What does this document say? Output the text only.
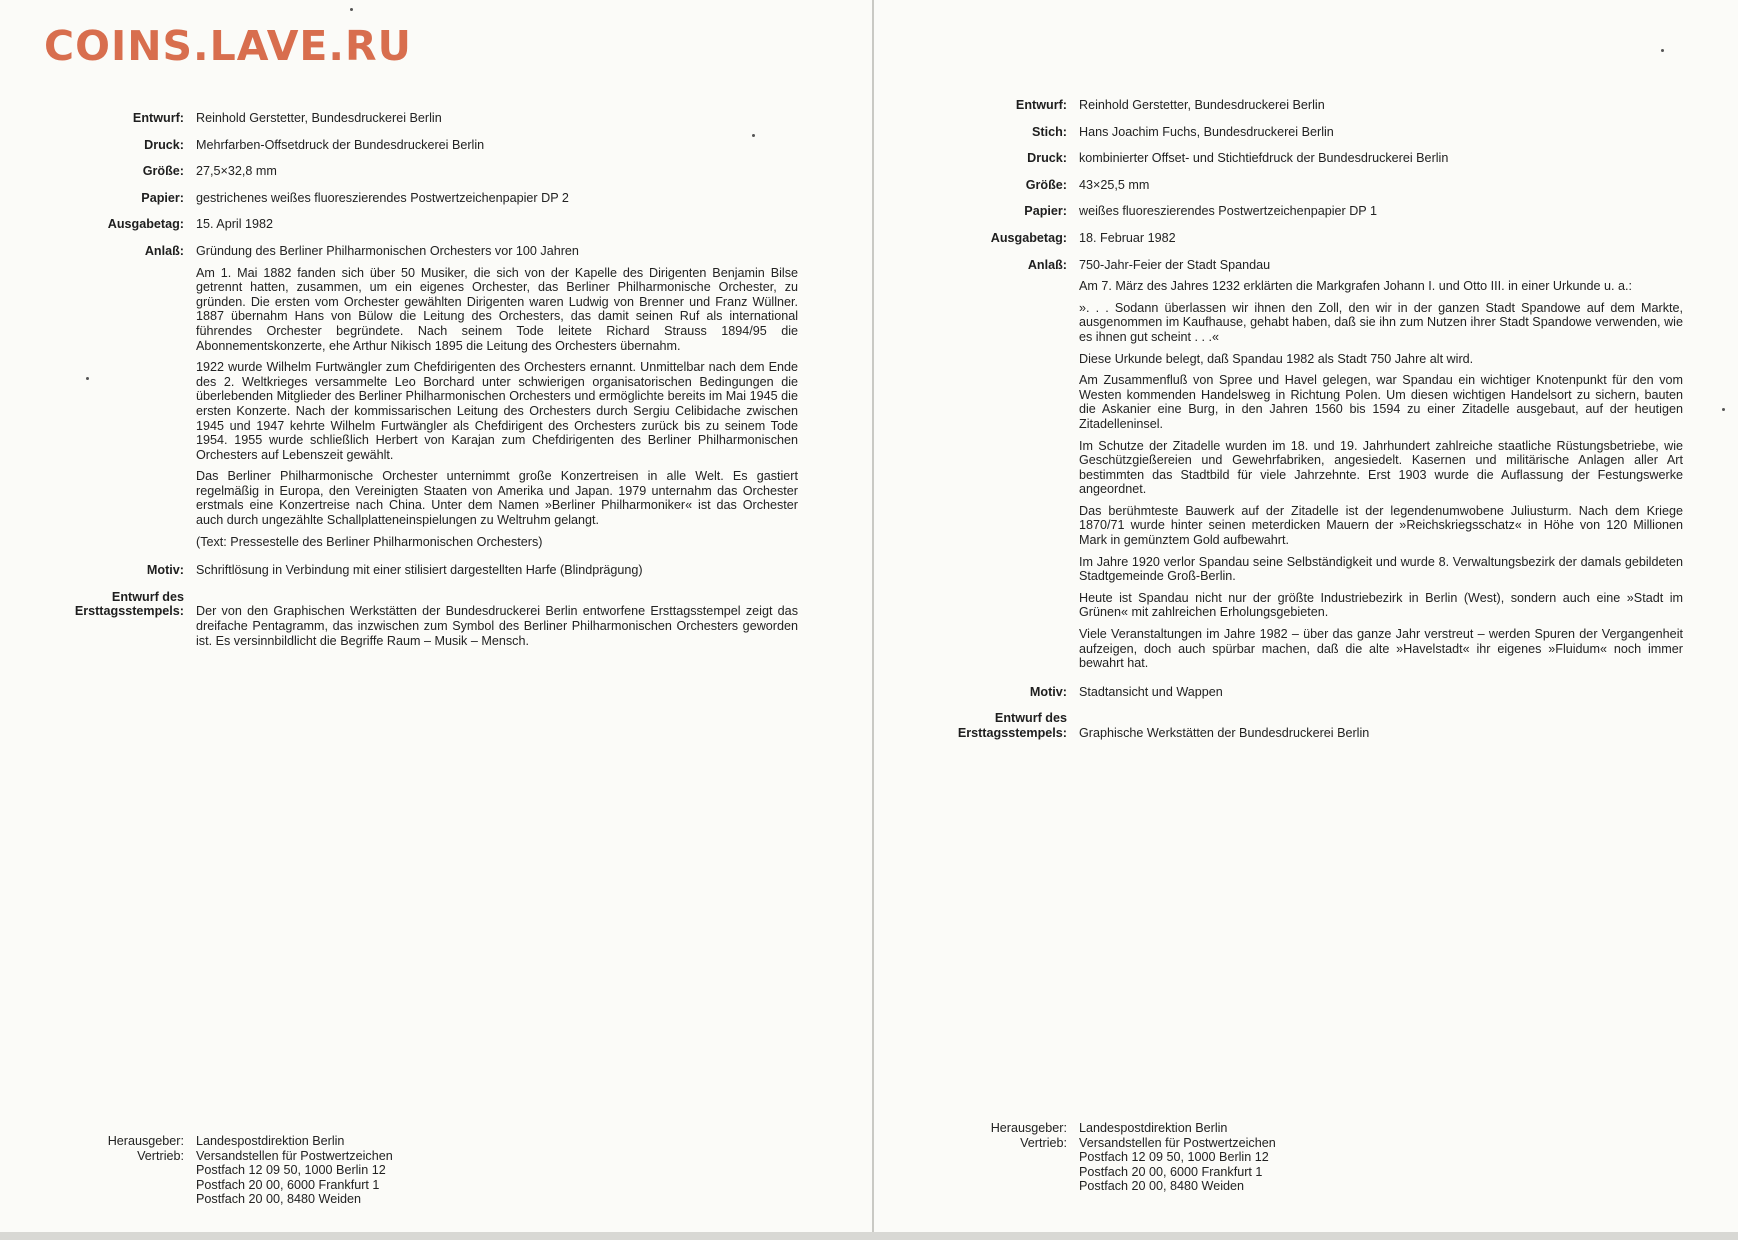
COINS.LAVE.RU
Entwurf: Reinhold Gerstetter, Bundesdruckerei Berlin
Druck: Mehrfarben-Offsetdruck der Bundesdruckerei Berlin
Größe: 27,5×32,8 mm
Papier: gestrichenes weißes fluoreszierendes Postwertzeichenpapier DP 2
Ausgabetag: 15. April 1982
Anlaß: Gründung des Berliner Philharmonischen Orchesters vor 100 Jahren

Am 1. Mai 1882 fanden sich über 50 Musiker, die sich von der Kapelle des Dirigenten Benjamin Bilse getrennt hatten, zusammen, um ein eigenes Orchester, das Berliner Philharmonische Orchester, zu gründen. Die ersten vom Orchester gewählten Dirigenten waren Ludwig von Brenner und Franz Wüllner. 1887 übernahm Hans von Bülow die Leitung des Orchesters, das damit seinen Ruf als international führendes Orchester begründete. Nach seinem Tode leitete Richard Strauss 1894/95 die Abonnementskonzerte, ehe Arthur Nikisch 1895 die Leitung des Orchesters übernahm.

1922 wurde Wilhelm Furtwängler zum Chefdirigenten des Orchesters ernannt. Unmittelbar nach dem Ende des 2. Weltkrieges versammelte Leo Borchard unter schwierigen organisatorischen Bedingungen die überlebenden Mitglieder des Berliner Philharmonischen Orchesters und ermöglichte bereits im Mai 1945 die ersten Konzerte. Nach der kommissarischen Leitung des Orchesters durch Sergiu Celibidache zwischen 1945 und 1947 kehrte Wilhelm Furtwängler als Chefdirigent des Orchesters zurück bis zu seinem Tode 1954. 1955 wurde schließlich Herbert von Karajan zum Chefdirigenten des Berliner Philharmonischen Orchesters auf Lebenszeit gewählt.

Das Berliner Philharmonische Orchester unternimmt große Konzertreisen in alle Welt. Es gastiert regelmäßig in Europa, den Vereinigten Staaten von Amerika und Japan. 1979 unternahm das Orchester erstmals eine Konzertreise nach China. Unter dem Namen »Berliner Philharmoniker« ist das Orchester auch durch ungezählte Schallplatteneinspielungen zu Weltruhm gelangt.

(Text: Pressestelle des Berliner Philharmonischen Orchesters)

Motiv: Schriftlösung in Verbindung mit einer stilisiert dargestellten Harfe (Blindprägung)
Entwurf des
Ersttagsstempels: Der von den Graphischen Werkstätten der Bundesdruckerei Berlin entworfene Ersttagsstempel zeigt das dreifache Pentagramm, das inzwischen zum Symbol des Berliner Philharmonischen Orchesters geworden ist. Es versinnbildlicht die Begriffe Raum – Musik – Mensch.
Herausgeber: Landespostdirektion Berlin
Vertrieb: Versandstellen für Postwertzeichen
Postfach 12 09 50, 1000 Berlin 12
Postfach 20 00, 6000 Frankfurt 1
Postfach 20 00, 8480 Weiden
Entwurf: Reinhold Gerstetter, Bundesdruckerei Berlin
Stich: Hans Joachim Fuchs, Bundesdruckerei Berlin
Druck: kombinierter Offset- und Stichtiefdruck der Bundesdruckerei Berlin
Größe: 43×25,5 mm
Papier: weißes fluoreszierendes Postwertzeichenpapier DP 1
Ausgabetag: 18. Februar 1982
Anlaß: 750-Jahr-Feier der Stadt Spandau

Am 7. März des Jahres 1232 erklärten die Markgrafen Johann I. und Otto III. in einer Urkunde u. a.:

». . . Sodann überlassen wir ihnen den Zoll, den wir in der ganzen Stadt Spandowe auf dem Markte, ausgenommen im Kaufhause, gehabt haben, daß sie ihn zum Nutzen ihrer Stadt Spandowe verwenden, wie es ihnen gut scheint . . .«

Diese Urkunde belegt, daß Spandau 1982 als Stadt 750 Jahre alt wird.

Am Zusammenfluß von Spree und Havel gelegen, war Spandau ein wichtiger Knotenpunkt für den vom Westen kommenden Handelsweg in Richtung Polen. Um diesen wichtigen Handelsort zu sichern, bauten die Askanier eine Burg, in den Jahren 1560 bis 1594 zu einer Zitadelle ausgebaut, auf der heutigen Zitadelleninsel.

Im Schutze der Zitadelle wurden im 18. und 19. Jahrhundert zahlreiche staatliche Rüstungsbetriebe, wie Geschützgießereien und Gewehrfabriken, angesiedelt. Kasernen und militärische Anlagen aller Art bestimmten das Stadtbild für viele Jahrzehnte. Erst 1903 wurde die Auflassung der Festungswerke angeordnet.

Das berühmteste Bauwerk auf der Zitadelle ist der legendenumwobene Juliusturm. Nach dem Kriege 1870/71 wurde hinter seinen meterdicken Mauern der »Reichskriegsschatz« in Höhe von 120 Millionen Mark in gemünztem Gold aufbewahrt.

Im Jahre 1920 verlor Spandau seine Selbständigkeit und wurde 8. Verwaltungsbezirk der damals gebildeten Stadtgemeinde Groß-Berlin.

Heute ist Spandau nicht nur der größte Industriebezirk in Berlin (West), sondern auch eine »Stadt im Grünen« mit zahlreichen Erholungsgebieten.

Viele Veranstaltungen im Jahre 1982 – über das ganze Jahr verstreut – werden Spuren der Vergangenheit aufzeigen, doch auch spürbar machen, daß die alte »Havelstadt« ihr eigenes »Fluidum« noch immer bewahrt hat.

Motiv: Stadtansicht und Wappen
Entwurf des
Ersttagsstempels: Graphische Werkstätten der Bundesdruckerei Berlin
Herausgeber: Landespostdirektion Berlin
Vertrieb: Versandstellen für Postwertzeichen
Postfach 12 09 50, 1000 Berlin 12
Postfach 20 00, 6000 Frankfurt 1
Postfach 20 00, 8480 Weiden
